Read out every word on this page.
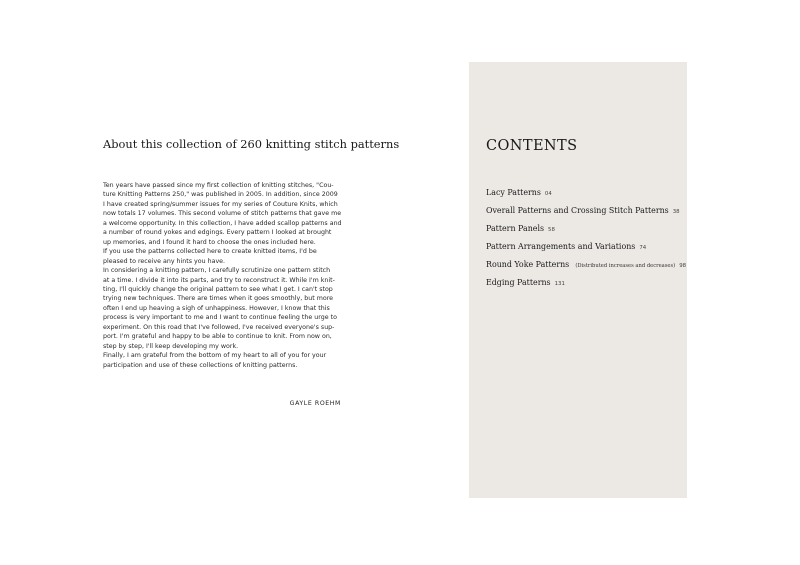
About this collection of 260 knitting stitch patterns
Ten years have passed since my first collection of knitting stitches, "Cou-
ture Knitting Patterns 250," was published in 2005. In addition, since 2009
I have created spring/summer issues for my series of Couture Knits, which
now totals 17 volumes. This second volume of stitch patterns that gave me
a welcome opportunity. In this collection, I have added scallop patterns and
a number of round yokes and edgings. Every pattern I looked at brought
up memories, and I found it hard to choose the ones included here.
If you use the patterns collected here to create knitted items, I'd be
pleased to receive any hints you have.
In considering a knitting pattern, I carefully scrutinize one pattern stitch
at a time. I divide it into its parts, and try to reconstruct it. While I'm knit-
ting, I'll quickly change the original pattern to see what I get. I can't stop
trying new techniques. There are times when it goes smoothly, but more
often I end up heaving a sigh of unhappiness. However, I know that this
process is very important to me and I want to continue feeling the urge to
experiment. On this road that I've followed, I've received everyone's sup-
port. I'm grateful and happy to be able to continue to knit. From now on,
step by step, I'll keep developing my work.
Finally, I am grateful from the bottom of my heart to all of you for your
participation and use of these collections of knitting patterns.
GAYLE ROEHM
CONTENTS
Lacy Patterns 04
Overall Patterns and Crossing Stitch Patterns 38
Pattern Panels 58
Pattern Arrangements and Variations 74
Round Yoke Patterns (Distributed increases and decreases) 98
Edging Patterns 131
